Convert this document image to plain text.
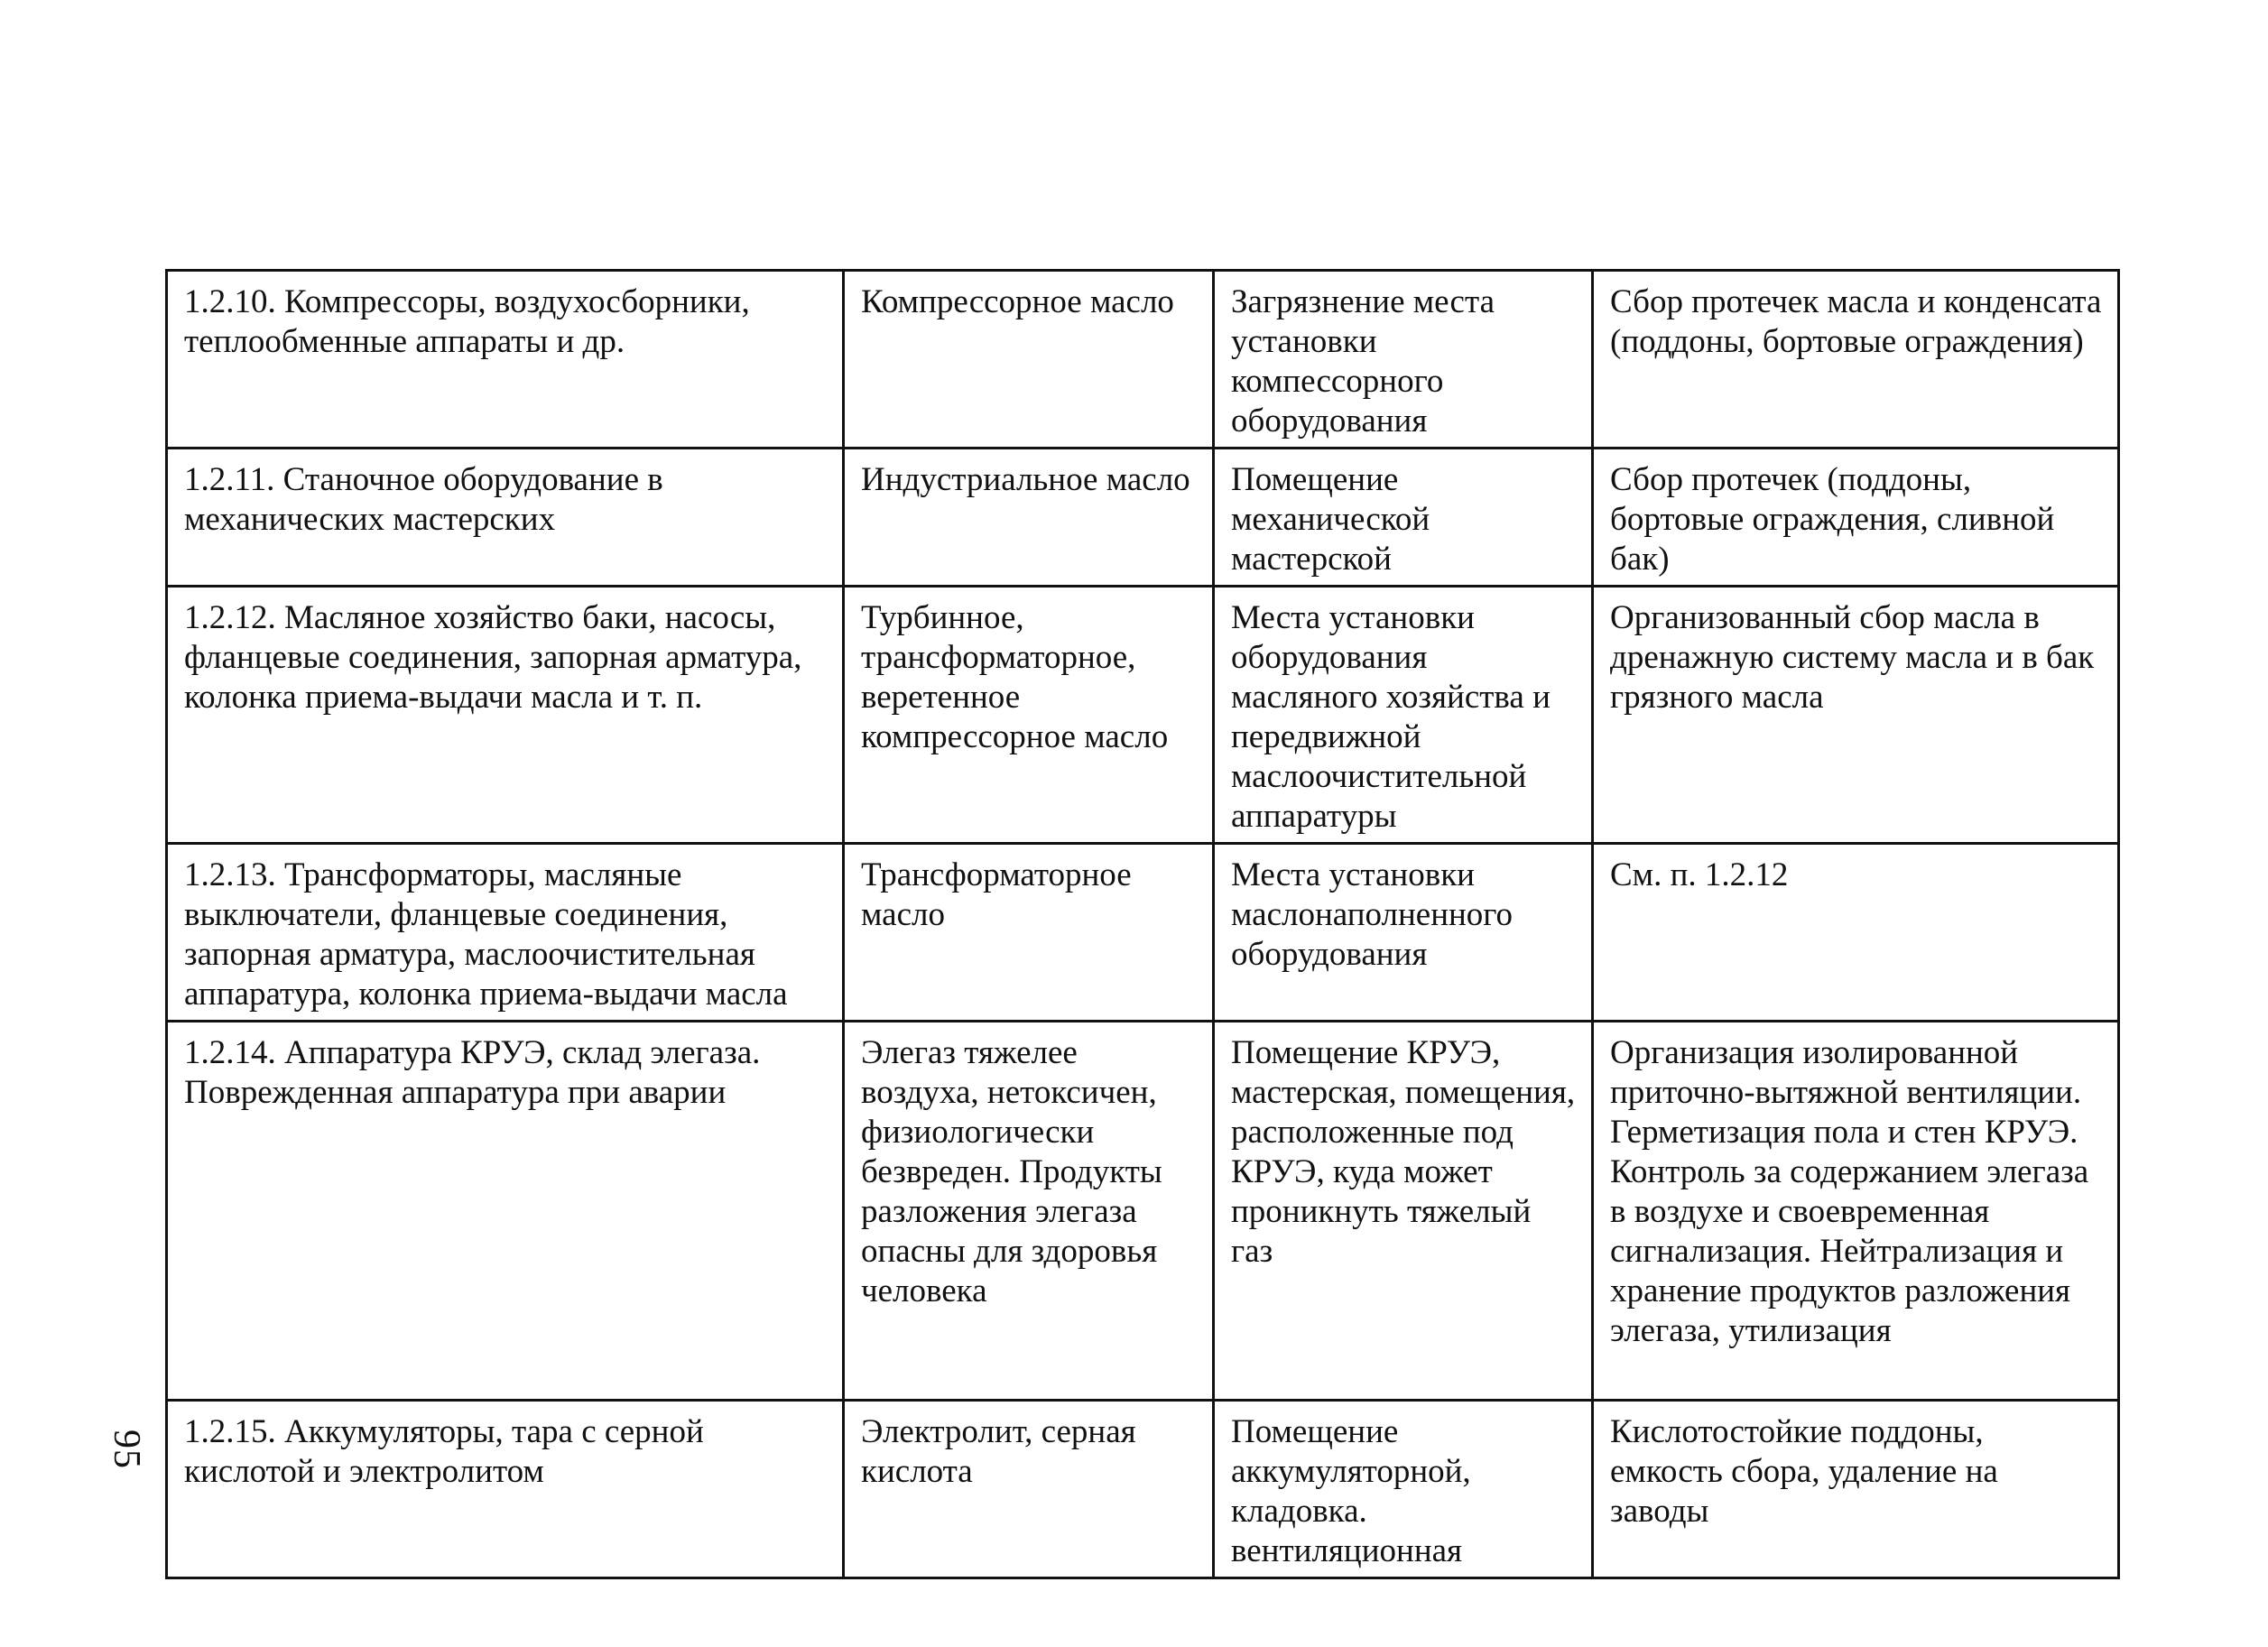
1.2.10. Компрессоры, воздухосборники, теплообменные аппараты и др.	Компрессорное масло	Загрязнение места установки компессорного оборудования	Сбор протечек масла и конденсата (поддоны, бортовые ограждения)
1.2.11. Станочное оборудование в механических мастерских	Индустриальное масло	Помещение механической мастерской	Сбор протечек (поддоны, бортовые ограждения, сливной бак)
1.2.12. Масляное хозяйство баки, насосы, фланцевые соединения, запорная арматура, колонка приема-выдачи масла и т. п.	Турбинное, трансформаторное, веретенное компрессорное масло	Места установки оборудования масляного хозяйства и передвижной маслоочистительной аппаратуры	Организованный сбор масла в дренажную систему масла и в бак грязного масла
1.2.13. Трансформаторы, масляные выключатели, фланцевые соединения, запорная арматура, маслоочистительная аппаратура, колонка приема-выдачи масла	Трансформаторное масло	Места установки маслонаполненного оборудования	См. п. 1.2.12
1.2.14. Аппаратура КРУЭ, склад элегаза. Поврежденная аппаратура при аварии	Элегаз тяжелее воздуха, нетоксичен, физиологически безвреден. Продукты разложения элегаза опасны для здоровья человека	Помещение КРУЭ, мастерская, помещения, расположенные под КРУЭ, куда может проникнуть тяжелый газ	Организация изолированной приточно-вытяжной вентиляции. Герметизация пола и стен КРУЭ. Контроль за содержанием элегаза в воздухе и своевременная сигнализация. Нейтрализация и хранение продуктов разложения элегаза, утилизация
1.2.15. Аккумуляторы, тара с серной кислотой и электролитом	Электролит, серная кислота	Помещение аккумуляторной, кладовка. вентиляционная	Кислотостойкие поддоны, емкость сбора, удаление на заводы
95
